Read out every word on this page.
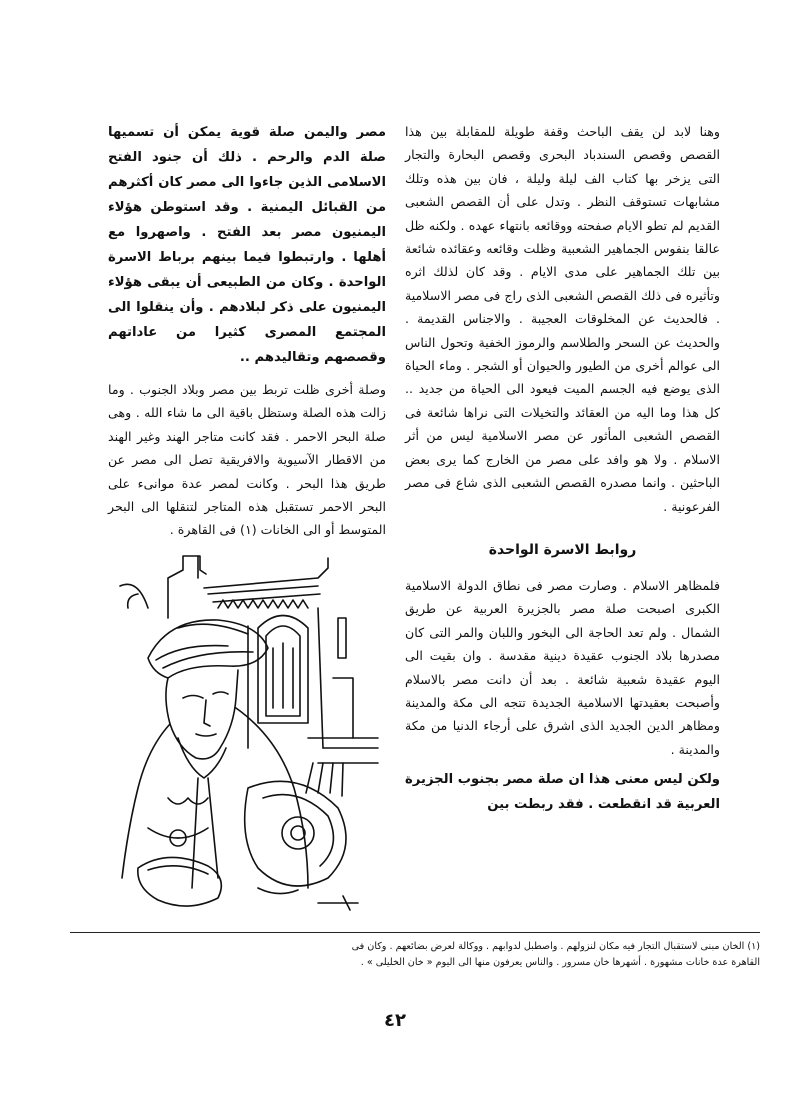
وهنا لابد لن يقف الباحث وقفة طويلة للمقابلة بين هذا القصص وقصص السندباد البحرى وقصص البحارة والتجار التى يزخر بها كتاب الف ليلة وليلة ، فان بين هذه وتلك مشابهات تستوقف النظر . وتدل على أن القصص الشعبى القديم لم تطو الايام صفحته ووقائعه بانتهاء عهده . ولكنه ظل عالقا بنفوس الجماهير الشعبية وظلت وقائعه وعقائده شائعة بين تلك الجماهير على مدى الايام . وقد كان لذلك اثره وتأثيره فى ذلك القصص الشعبى الذى راج فى مصر الاسلامية . فالحديث عن المخلوقات العجيبة . والاجناس القديمة . والحديث عن السحر والطلاسم والرموز الخفية وتحول الناس الى عوالم أخرى من الطيور والحيوان أو الشجر . وماء الحياة الذى يوضع فيه الجسم الميت فيعود الى الحياة من جديد .. كل هذا وما اليه من العقائد والتخيلات التى نراها شائعة فى القصص الشعبى المأثور عن مصر الاسلامية ليس من أثر الاسلام . ولا هو وافد على مصر من الخارج كما يرى بعض الباحثين . وانما مصدره القصص الشعبى الذى شاع فى مصر الفرعونية .

روابط الاسرة الواحدة

فلمظاهر الاسلام . وصارت مصر فى نطاق الدولة الاسلامية الكبرى اصبحت صلة مصر بالجزيرة العربية عن طريق الشمال . ولم تعد الحاجة الى البخور واللبان والمر التى كان مصدرها بلاد الجنوب عقيدة دينية مقدسة . وان بقيت الى اليوم عقيدة شعبية شائعة . بعد أن دانت مصر بالاسلام وأصبحت بعقيدتها الاسلامية الجديدة تتجه الى مكة والمدينة ومظاهر الدين الجديد الذى اشرق على أرجاء الدنيا من مكة والمدينة .

ولكن ليس معنى هذا ان صلة مصر بجنوب الجزيرة العربية قد انقطعت . فقد ربطت بين

مصر واليمن صلة قوية يمكن أن تسميها صلة الدم والرحم . ذلك أن جنود الفتح الاسلامى الذين جاءوا الى مصر كان أكثرهم من القبائل اليمنية . وقد استوطن هؤلاء اليمنيون مصر بعد الفتح . واصهروا مع أهلها . وارتبطوا فيما بينهم برباط الاسرة الواحدة . وكان من الطبيعى أن يبقى هؤلاء اليمنيون على ذكر لبلادهم . وأن ينقلوا الى المجتمع المصرى كثيرا من عاداتهم وقصصهم وتقاليدهم ..

وصلة أخرى ظلت تربط بين مصر وبلاد الجنوب . وما زالت هذه الصلة وستظل باقية الى ما شاء الله . وهى صلة البحر الاحمر . فقد كانت متاجر الهند وغير الهند من الاقطار الآسيوية والافريقية تصل الى مصر عن طريق هذا البحر . وكانت لمصر عدة موانىء على البحر الاحمر تستقبل هذه المتاجر لتنقلها الى البحر المتوسط أو الى الخانات (١) فى القاهرة .

(١) الخان مبنى لاستقبال التجار فيه مكان لنزولهم . واصطبل لدوابهم . ووكالة لعرض بضائعهم . وكان فى

القاهرة عدة خانات مشهورة . أشهرها خان مسرور . والناس يعرفون منها الى اليوم « خان الخليلى » .

٤٢
